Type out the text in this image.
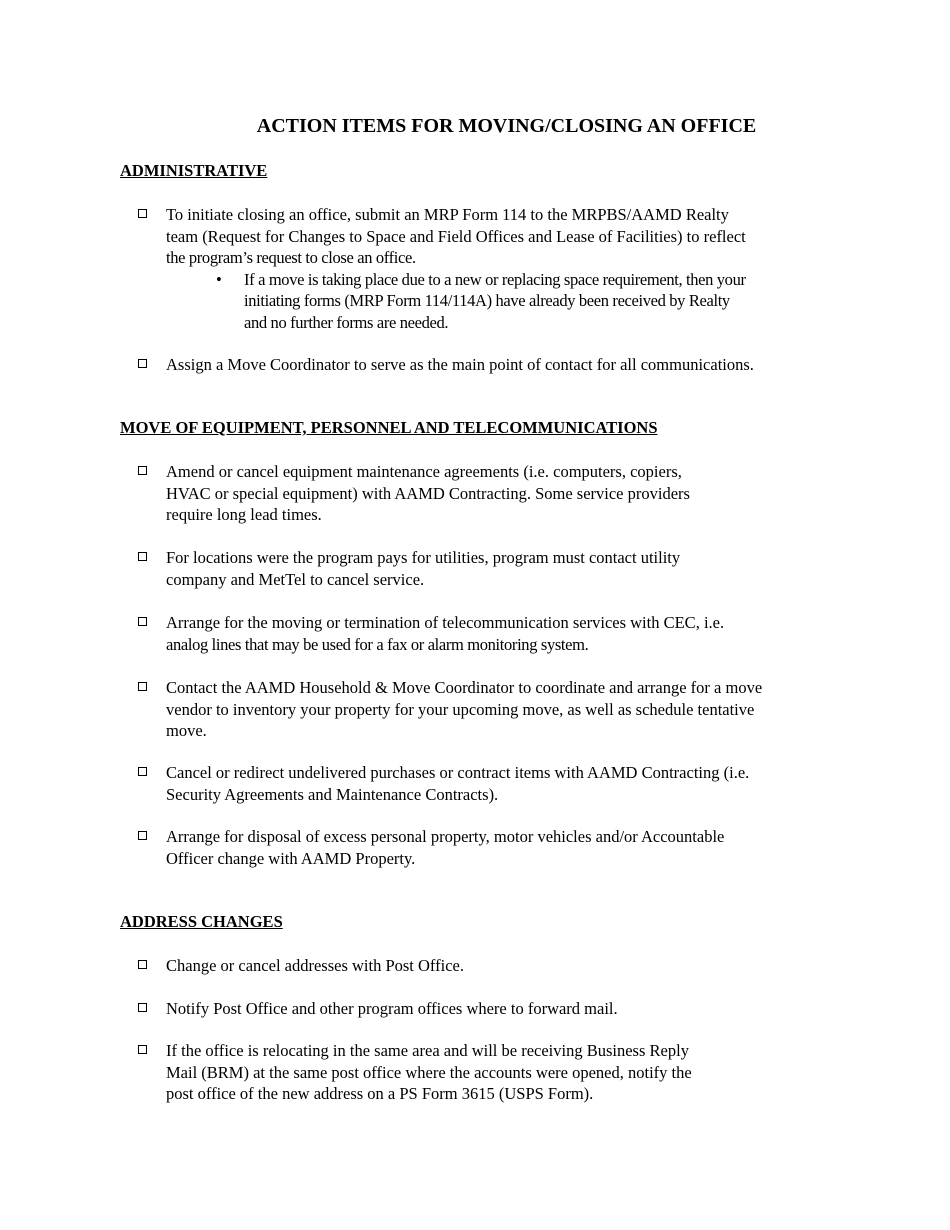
ACTION ITEMS FOR MOVING/CLOSING AN OFFICE
ADMINISTRATIVE
To initiate closing an office, submit an MRP Form 114 to the MRPBS/AAMD Realty
team (Request for Changes to Space and Field Offices and Lease of Facilities) to reflect
the program’s request to close an office.
• If a move is taking place due to a new or replacing space requirement, then your
initiating forms (MRP Form 114/114A) have already been received by Realty
and no further forms are needed.
Assign a Move Coordinator to serve as the main point of contact for all communications.
MOVE OF EQUIPMENT, PERSONNEL AND TELECOMMUNICATIONS
Amend or cancel equipment maintenance agreements (i.e. computers, copiers,
HVAC or special equipment) with AAMD Contracting. Some service providers
require long lead times.
For locations were the program pays for utilities, program must contact utility
company and MetTel to cancel service.
Arrange for the moving or termination of telecommunication services with CEC, i.e.
analog lines that may be used for a fax or alarm monitoring system.
Contact the AAMD Household & Move Coordinator to coordinate and arrange for a move
vendor to inventory your property for your upcoming move, as well as schedule tentative
move.
Cancel or redirect undelivered purchases or contract items with AAMD Contracting (i.e.
Security Agreements and Maintenance Contracts).
Arrange for disposal of excess personal property, motor vehicles and/or Accountable
Officer change with AAMD Property.
ADDRESS CHANGES
Change or cancel addresses with Post Office.
Notify Post Office and other program offices where to forward mail.
If the office is relocating in the same area and will be receiving Business Reply
Mail (BRM) at the same post office where the accounts were opened, notify the
post office of the new address on a PS Form 3615 (USPS Form).
